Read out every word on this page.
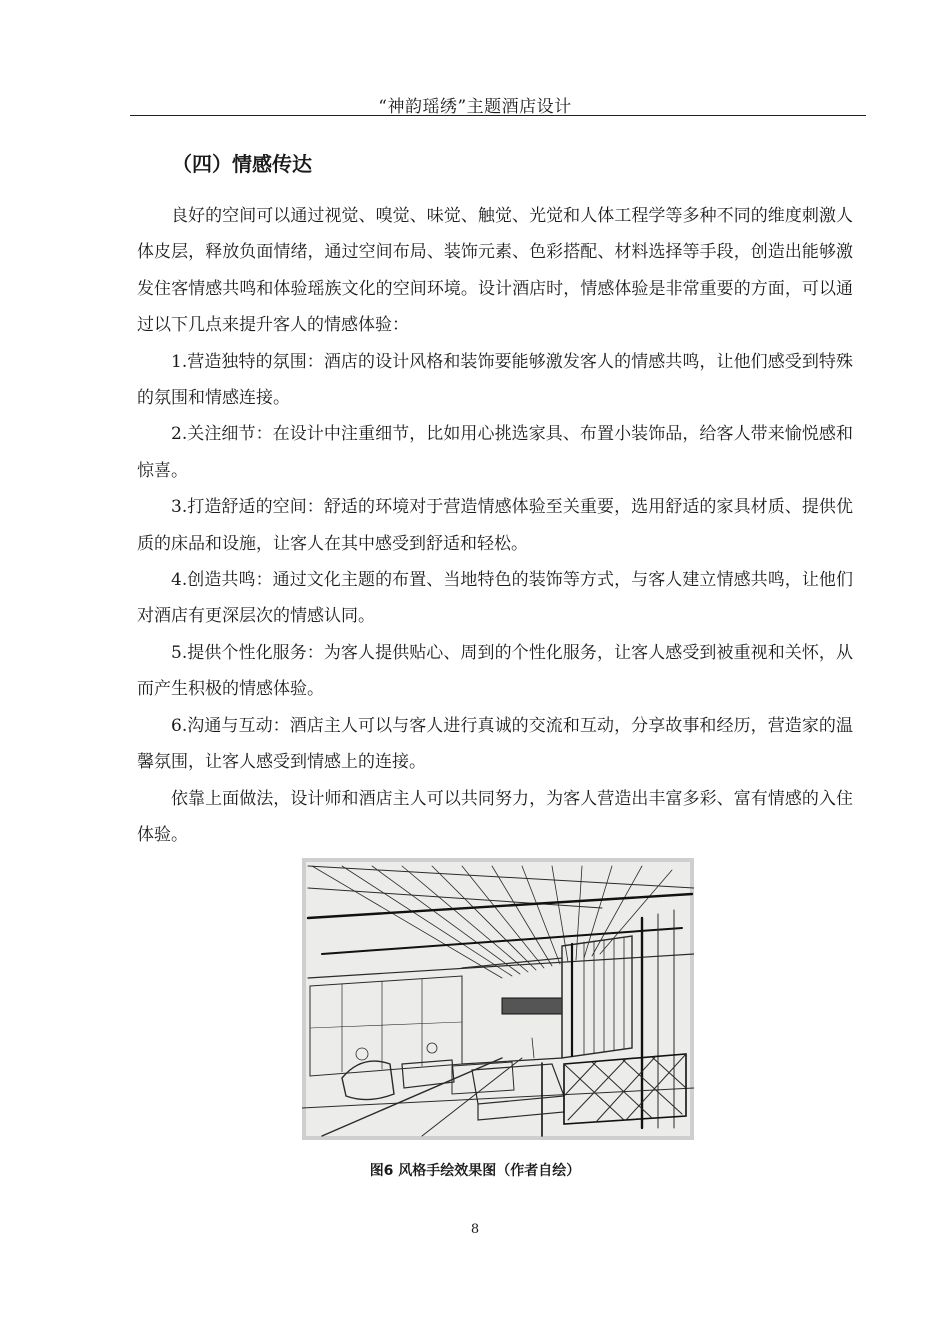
“神韵瑶绣”主题酒店设计
（四）情感传达

良好的空间可以通过视觉、嗅觉、味觉、触觉、光觉和人体工程学等多种不同的维度刺激人体皮层，释放负面情绪，通过空间布局、装饰元素、色彩搭配、材料选择等手段，创造出能够激发住客情感共鸣和体验瑶族文化的空间环境。设计酒店时，情感体验是非常重要的方面，可以通过以下几点来提升客人的情感体验：

1.营造独特的氛围：酒店的设计风格和装饰要能够激发客人的情感共鸣，让他们感受到特殊的氛围和情感连接。

2.关注细节：在设计中注重细节，比如用心挑选家具、布置小装饰品，给客人带来愉悦感和惊喜。

3.打造舒适的空间：舒适的环境对于营造情感体验至关重要，选用舒适的家具材质、提供优质的床品和设施，让客人在其中感受到舒适和轻松。

4.创造共鸣：通过文化主题的布置、当地特色的装饰等方式，与客人建立情感共鸣，让他们对酒店有更深层次的情感认同。

5.提供个性化服务：为客人提供贴心、周到的个性化服务，让客人感受到被重视和关怀，从而产生积极的情感体验。

6.沟通与互动：酒店主人可以与客人进行真诚的交流和互动，分享故事和经历，营造家的温馨氛围，让客人感受到情感上的连接。

依靠上面做法，设计师和酒店主人可以共同努力，为客人营造出丰富多彩、富有情感的入住体验。

图6 风格手绘效果图（作者自绘）
8
